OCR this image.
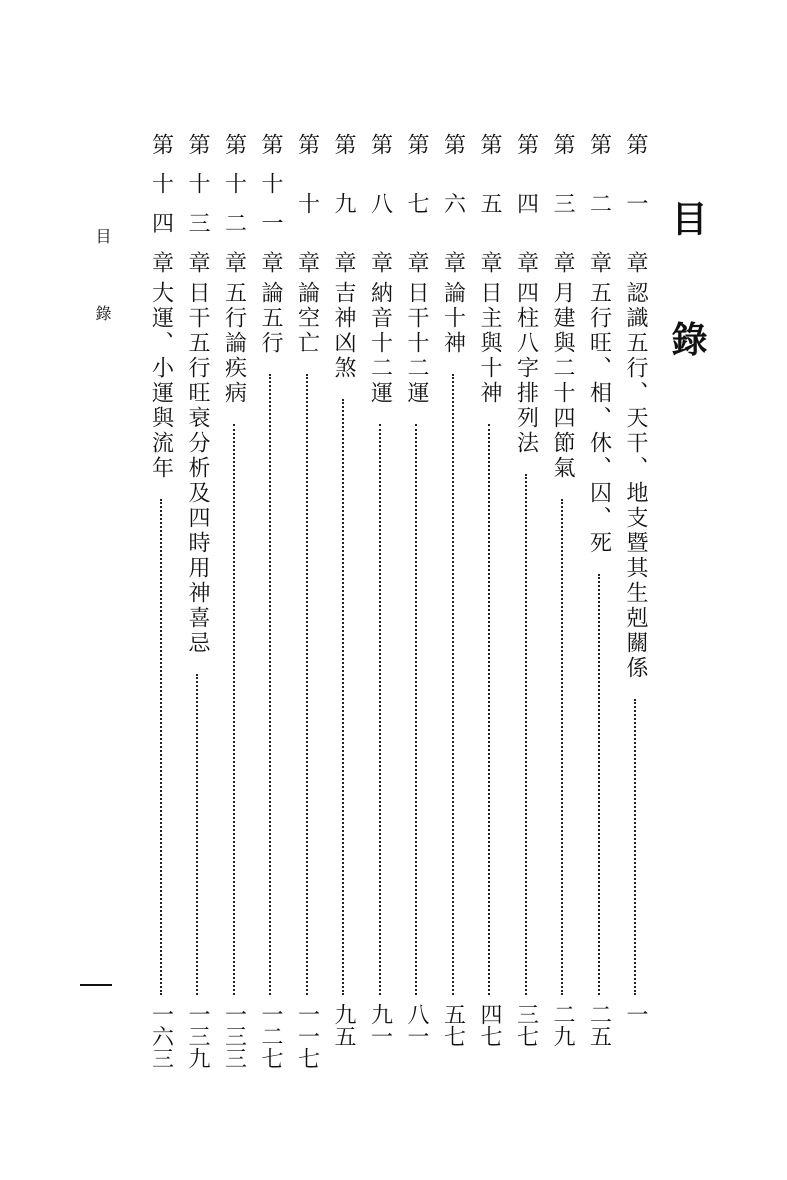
目 錄
目 錄
第一章
認識五行、天干、地支暨其生剋關係
一
第二章
五行旺、相、休、囚、死
二五
第三章
月建與二十四節氣
二九
第四章
四柱八字排列法
三七
第五章
日主與十神
四七
第六章
論十神
五七
第七章
日干十二運
八一
第八章
納音十二運
九一
第九章
吉神凶煞
九五
第十章
論空亡
一一七
第十一章
論五行
一二七
第十二章
五行論疾病
一三三
第十三章
日干五行旺衰分析及四時用神喜忌
一三九
第十四章
大運、小運與流年
一六三
